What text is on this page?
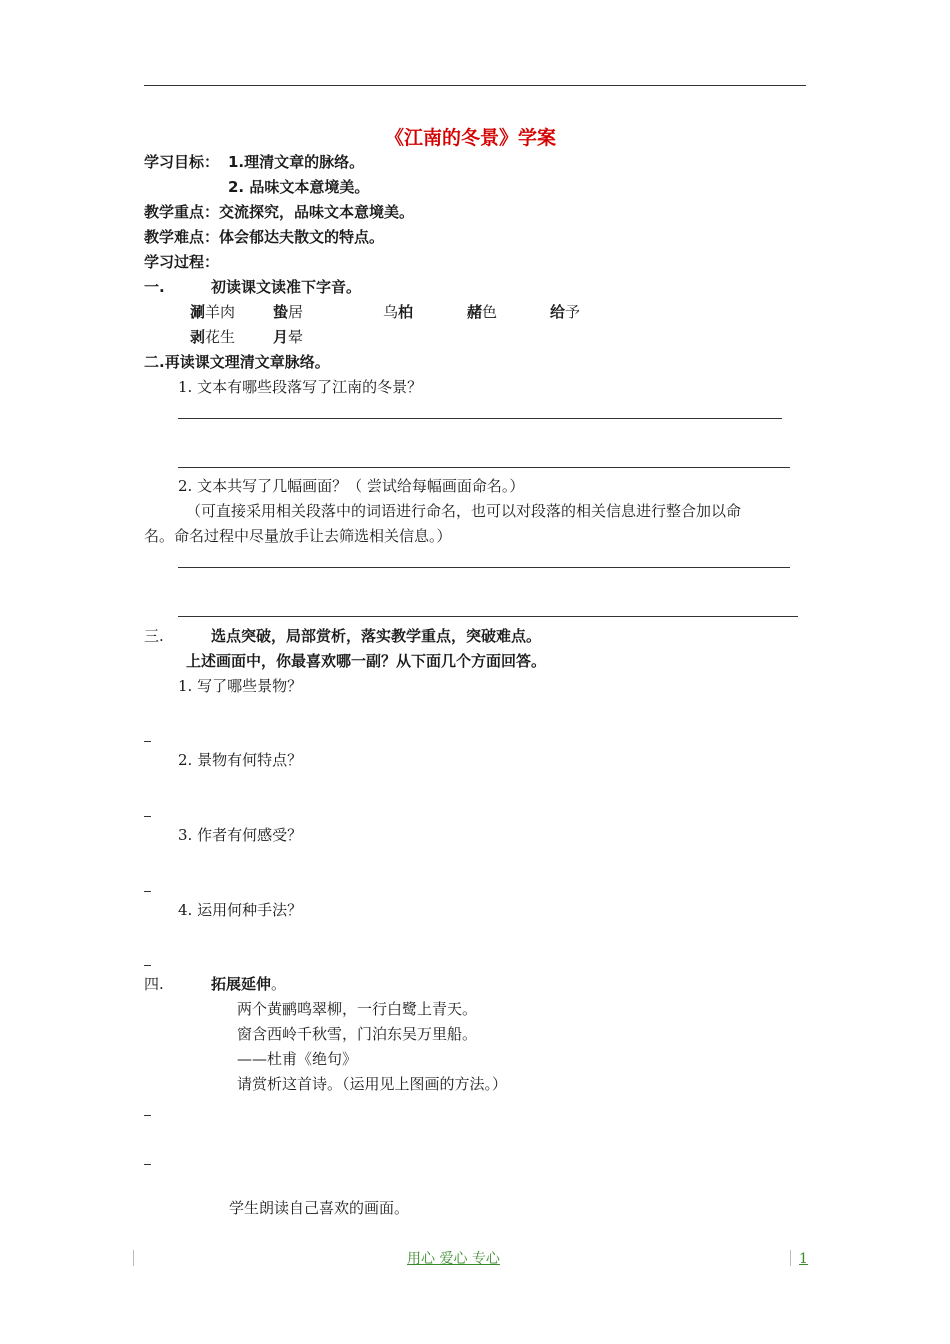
《江南的冬景》学案
学习目标： 1.理清文章的脉络。
2. 品味文本意境美。
教学重点：交流探究，品味文本意境美。
教学难点：体会郁达夫散文的特点。
学习过程：
一.	初读课文读准下字音。
涮羊肉	蛰居	乌柏	赭色	给予
剥花生	月晕
二.再读课文理清文章脉络。
1. 文本有哪些段落写了江南的冬景？
2. 文本共写了几幅画面？（ 尝试给每幅画面命名。）
（可直接采用相关段落中的词语进行命名，也可以对段落的相关信息进行整合加以命
名。命名过程中尽量放手让去筛选相关信息。）
三.	选点突破，局部赏析，落实教学重点，突破难点。
上述画面中，你最喜欢哪一副？从下面几个方面回答。
1. 写了哪些景物？
2. 景物有何特点？
3. 作者有何感受？
4. 运用何种手法？
四.	拓展延伸。
两个黄鹂鸣翠柳，一行白鹭上青天。
窗含西岭千秋雪，门泊东吴万里船。
——杜甫《绝句》
请赏析这首诗。（运用见上图画的方法。）
学生朗读自己喜欢的画面。
用心 爱心 专心	1
